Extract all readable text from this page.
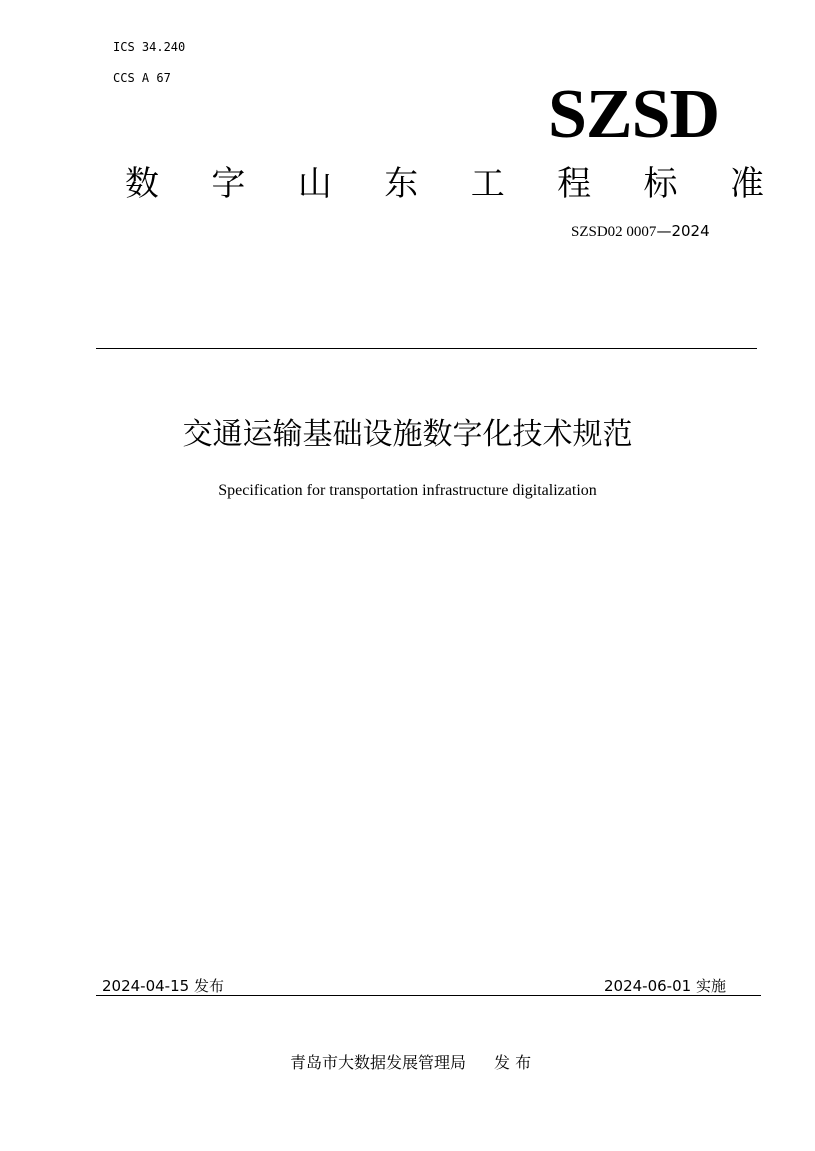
ICS 34.240
CCS A 67	SZSD
数 字 山 东 工 程 标 准
SZSD02 0007—2024
交通运输基础设施数字化技术规范
Specification for transportation infrastructure digitalization
2024-04-15 发布	2024-06-01 实施
青岛市大数据发展管理局 发 布
